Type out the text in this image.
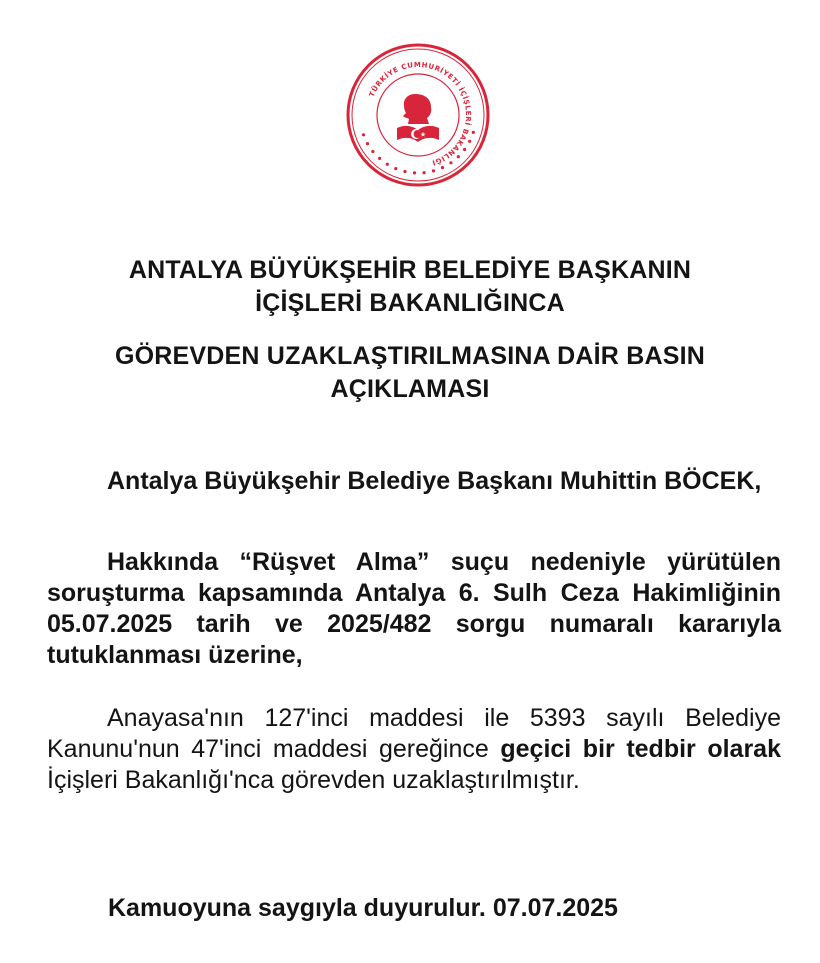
TÜRKİYE CUMHURİYETİ İÇİŞLERİ BAKANLIĞI
ANTALYA BÜYÜKŞEHİR BELEDİYE BAŞKANIN
İÇİŞLERİ BAKANLIĞINCA
GÖREVDEN UZAKLAŞTIRILMASINA DAİR BASIN
AÇIKLAMASI
Antalya Büyükşehir Belediye Başkanı Muhittin BÖCEK,
Hakkında “Rüşvet Alma” suçu nedeniyle yürütülen soruşturma kapsamında Antalya 6. Sulh Ceza Hakimliğinin 05.07.2025 tarih ve 2025/482 sorgu numaralı kararıyla tutuklanması üzerine,
Anayasa'nın 127'inci maddesi ile 5393 sayılı Belediye Kanunu'nun 47'inci maddesi gereğince geçici bir tedbir olarak İçişleri Bakanlığı'nca görevden uzaklaştırılmıştır.
Kamuoyuna saygıyla duyurulur. 07.07.2025
